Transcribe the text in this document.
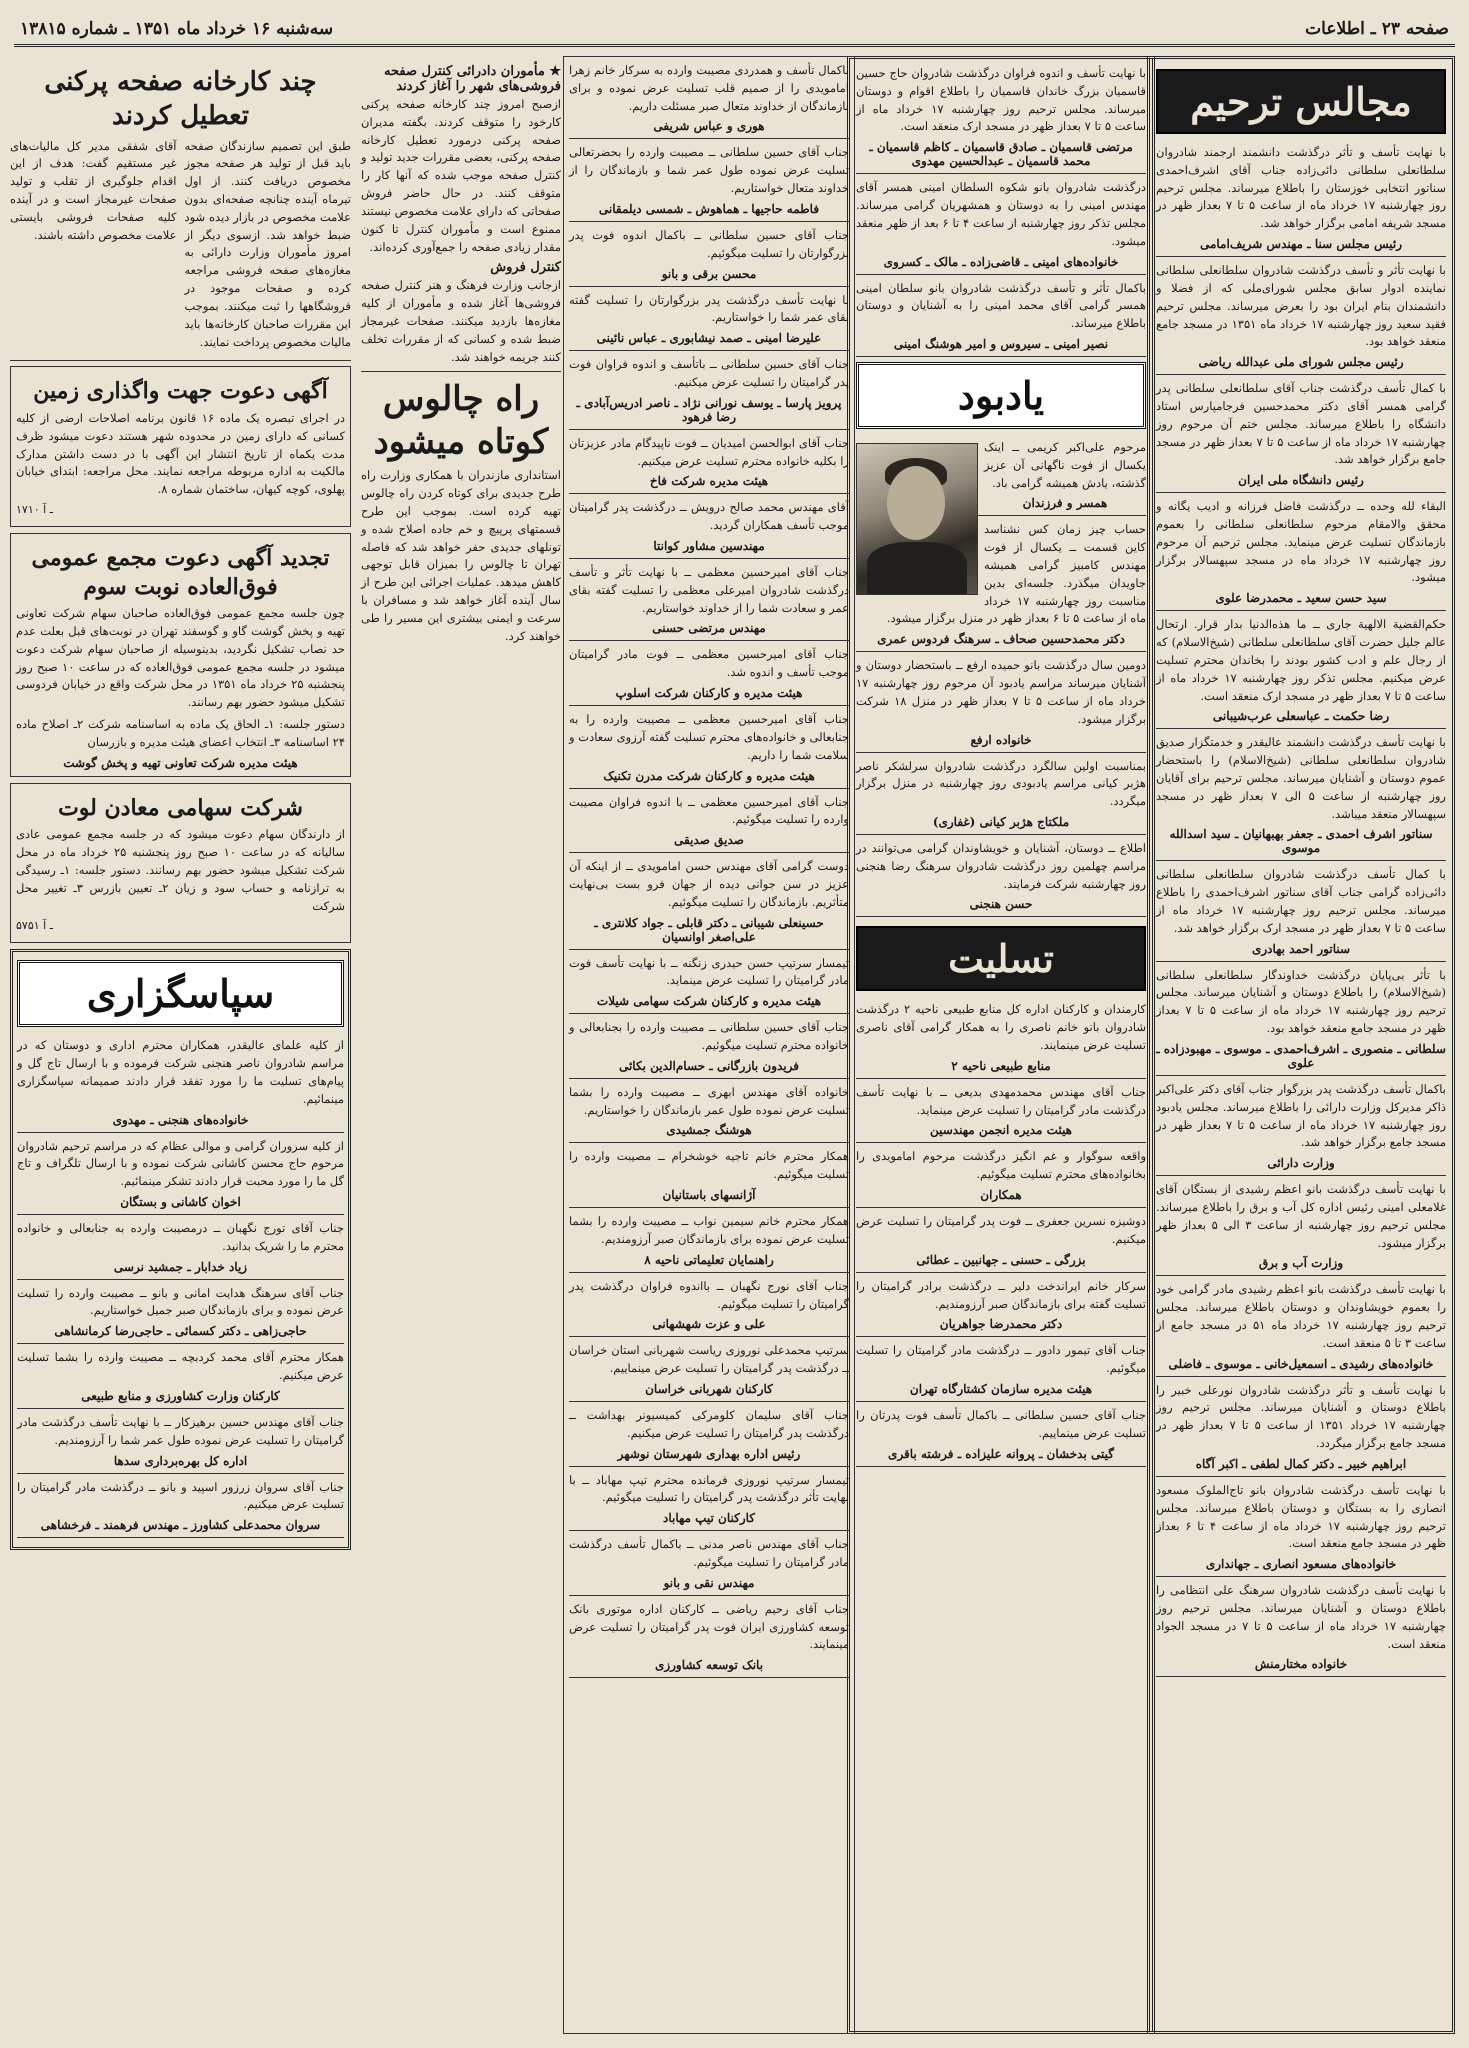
صفحه ۲۳ ـ اطلاعات
سه‌شنبه ۱۶ خرداد ماه ۱۳۵۱ ـ شماره ۱۳۸۱۵
مجالس ترحیم

با نهایت تأسف و تأثر درگذشت دانشمند ارجمند شادروان سلطانعلی سلطانی دائی‌زاده جناب آقای اشرف‌احمدی سناتور انتخابی خوزستان را باطلاع میرساند. مجلس ترحیم روز چهارشنبه ۱۷ خرداد ماه از ساعت ۵ تا ۷ بعداز ظهر در مسجد شریفه امامی برگزار خواهد شد.

رئیس مجلس سنا ـ مهندس شریف‌امامی

با نهایت تأثر و تأسف درگذشت شادروان سلطانعلی سلطانی نماینده ادوار سابق مجلس شورای‌ملی که از فضلا و دانشمندان بنام ایران بود را بعرض میرساند. مجلس ترحیم فقید سعید روز چهارشنبه ۱۷ خرداد ماه ۱۳۵۱ در مسجد جامع منعقد خواهد بود.

رئیس مجلس شورای ملی عبدالله ریاضی

با کمال تأسف درگذشت جناب آقای سلطانعلی سلطانی پدر گرامی همسر آقای دکتر محمدحسین فرجامپارس استاد دانشگاه را باطلاع میرساند. مجلس ختم آن مرحوم روز چهارشنبه ۱۷ خرداد ماه از ساعت ۵ تا ۷ بعداز ظهر در مسجد جامع برگزار خواهد شد.

رئیس دانشگاه ملی ایران

البقاء لله وحده ــ درگذشت فاضل فرزانه و ادیب یگانه و محقق والامقام مرحوم سلطانعلی سلطانی را بعموم بازماندگان تسلیت عرض مینماید. مجلس ترحیم آن مرحوم روز چهارشنبه ۱۷ خرداد ماه در مسجد سپهسالار برگزار میشود.

سید حسن سعید ـ محمدرضا علوی

حکم‌القضیة الالهیة جاری ــ ما هذه‌الدنیا بدار قرار. ارتحال عالم جلیل حضرت آقای سلطانعلی سلطانی (شیخ‌الاسلام) که از رجال علم و ادب کشور بودند را بخاندان محترم تسلیت عرض میکنیم. مجلس تذکر روز چهارشنبه ۱۷ خرداد ماه از ساعت ۵ تا ۷ بعداز ظهر در مسجد ارک منعقد است.

رضا حکمت ـ عباسعلی عرب‌شیبانی

با نهایت تأسف درگذشت دانشمند عالیقدر و خدمتگزار صدیق شادروان سلطانعلی سلطانی (شیخ‌الاسلام) را باستحضار عموم دوستان و آشنایان میرساند. مجلس ترحیم برای آقایان روز چهارشنبه از ساعت ۵ الی ۷ بعداز ظهر در مسجد سپهسالار منعقد میباشد.

سناتور اشرف احمدی ـ جعفر بهبهانیان ـ سید اسدالله موسوی

با کمال تأسف درگذشت شادروان سلطانعلی سلطانی دائی‌زاده گرامی جناب آقای سناتور اشرف‌احمدی را باطلاع میرساند. مجلس ترحیم روز چهارشنبه ۱۷ خرداد ماه از ساعت ۵ تا ۷ بعداز ظهر در مسجد ارک برگزار خواهد شد.

سناتور احمد بهادری

با تأثر بی‌پایان درگذشت خداوندگار سلطانعلی سلطانی (شیخ‌الاسلام) را باطلاع دوستان و آشنایان میرساند. مجلس ترحیم روز چهارشنبه ۱۷ خرداد ماه از ساعت ۵ تا ۷ بعداز ظهر در مسجد جامع منعقد خواهد بود.

سلطانی ـ منصوری ـ اشرف‌احمدی ـ موسوی ـ مهبودزاده ـ علوی

باکمال تأسف درگذشت پدر بزرگوار جناب آقای دکتر علی‌اکبر ذاکر مدیرکل وزارت دارائی را باطلاع میرساند. مجلس یادبود روز چهارشنبه ۱۷ خرداد ماه از ساعت ۵ تا ۷ بعداز ظهر در مسجد جامع برگزار خواهد شد.

وزارت دارائی

با نهایت تأسف درگذشت بانو اعظم رشیدی از بستگان آقای غلامعلی امینی رئیس اداره کل آب و برق را باطلاع میرساند. مجلس ترحیم روز چهارشنبه از ساعت ۳ الی ۵ بعداز ظهر برگزار میشود.

وزارت آب و برق

با نهایت تأسف درگذشت بانو اعظم رشیدی مادر گرامی خود را بعموم خویشاوندان و دوستان باطلاع میرساند. مجلس ترحیم روز چهارشنبه ۱۷ خرداد ماه ۵۱ در مسجد جامع از ساعت ۳ تا ۵ منعقد است.

خانواده‌های رشیدی ـ اسمعیل‌خانی ـ موسوی ـ فاضلی

با نهایت تأسف و تأثر درگذشت شادروان نورعلی خبیر را باطلاع دوستان و آشنایان میرساند. مجلس ترحیم روز چهارشنبه ۱۷ خرداد ۱۳۵۱ از ساعت ۵ تا ۷ بعداز ظهر در مسجد جامع برگزار میگردد.

ابراهیم خبیر ـ دکتر کمال لطفی ـ اکبر آگاه

با نهایت تأسف درگذشت شادروان بانو تاج‌الملوک مسعود انصاری را به بستگان و دوستان باطلاع میرساند. مجلس ترحیم روز چهارشنبه ۱۷ خرداد ماه از ساعت ۴ تا ۶ بعداز ظهر در مسجد جامع منعقد است.

خانواده‌های مسعود انصاری ـ جهانداری

با نهایت تأسف درگذشت شادروان سرهنگ علی انتظامی را باطلاع دوستان و آشنایان میرساند. مجلس ترحیم روز چهارشنبه ۱۷ خرداد ماه از ساعت ۵ تا ۷ در مسجد الجواد منعقد است.

خانواده مختارمنش

با نهایت تأسف و اندوه فراوان درگذشت شادروان حاج حسین قاسمیان بزرگ خاندان قاسمیان را باطلاع اقوام و دوستان میرساند. مجلس ترحیم روز چهارشنبه ۱۷ خرداد ماه از ساعت ۵ تا ۷ بعداز ظهر در مسجد ارک منعقد است.

مرتضی قاسمیان ـ صادق قاسمیان ـ کاظم قاسمیان ـ محمد قاسمیان ـ عبدالحسین مهدوی

درگذشت شادروان بانو شکوه السلطان امینی همسر آقای مهندس امینی را به دوستان و همشهریان گرامی میرساند. مجلس تذکر روز چهارشنبه از ساعت ۴ تا ۶ بعد از ظهر منعقد میشود.

خانواده‌های امینی ـ قاضی‌زاده ـ مالک ـ کسروی

باکمال تأثر و تأسف درگذشت شادروان بانو سلطان امینی همسر گرامی آقای محمد امینی را به آشنایان و دوستان باطلاع میرساند.

نصیر امینی ـ سیروس و امیر هوشنگ امینی
یادبود

مرحوم علی‌اکبر کریمی ــ اینک یکسال از فوت ناگهانی آن عزیز گذشته، یادش همیشه گرامی باد.

همسر و فرزندان

حساب چیز زمان کس نشناسد کاین قسمت ــ یکسال از فوت مهندس کامبیز گرامی همیشه جاویدان میگذرد. جلسه‌ای بدین مناسبت روز چهارشنبه ۱۷ خرداد ماه از ساعت ۵ تا ۶ بعداز ظهر در منزل برگزار میشود.

دکتر محمدحسین صحاف ـ سرهنگ فردوس عمری

دومین سال درگذشت بانو حمیده ارفع ــ باستحضار دوستان و آشنایان میرساند مراسم یادبود آن مرحوم روز چهارشنبه ۱۷ خرداد ماه از ساعت ۵ تا ۷ بعداز ظهر در منزل ۱۸ شرکت برگزار میشود.

خانواده ارفع

بمناسبت اولین سالگرد درگذشت شادروان سرلشکر ناصر هژبر کیانی مراسم یادبودی روز چهارشنبه در منزل برگزار میگردد.

ملکتاج هژبر کیانی (غفاری)

اطلاع ــ دوستان، آشنایان و خویشاوندان گرامی می‌توانند در مراسم چهلمین روز درگذشت شادروان سرهنگ رضا هنجنی روز چهارشنبه شرکت فرمایند.

حسن هنجنی
تسلیت

کارمندان و کارکنان اداره کل منابع طبیعی ناحیه ۲ درگذشت شادروان بانو خانم ناصری را به همکار گرامی آقای ناصری تسلیت عرض مینمایند.

منابع طبیعی ناحیه ۲

جناب آقای مهندس محمدمهدی بدیعی ــ با نهایت تأسف درگذشت مادر گرامیتان را تسلیت عرض مینماید.

هیئت مدیره انجمن مهندسین

واقعه سوگوار و غم انگیز درگذشت مرحوم امامویدی را بخانواده‌های محترم تسلیت میگوئیم.

همکاران

دوشیزه نسرین جعفری ــ فوت پدر گرامیتان را تسلیت عرض میکنیم.

بزرگی ـ حسنی ـ جهانبین ـ عطائی

سرکار خانم ایراندخت دلیر ــ درگذشت برادر گرامیتان را تسلیت گفته برای بازماندگان صبر آرزومندیم.

دکتر محمدرضا جواهریان

جناب آقای تیمور دادور ــ درگذشت مادر گرامیتان را تسلیت میگوئیم.

هیئت مدیره سازمان کشتارگاه تهران

جناب آقای حسین سلطانی ــ باکمال تأسف فوت پدرتان را تسلیت عرض مینماییم.

گیتی بدخشان ـ پروانه علیزاده ـ فرشته باقری

باکمال تأسف و همدردی مصیبت وارده به سرکار خانم زهرا امامویدی را از صمیم قلب تسلیت عرض نموده و برای بازماندگان از خداوند متعال صبر مسئلت داریم.

هوری و عباس شریفی

جناب آقای حسین سلطانی ــ مصیبت وارده را بحضرتعالی تسلیت عرض نموده طول عمر شما و بازماندگان را از خداوند متعال خواستاریم.

فاطمه حاجیها ـ هماهوش ـ شمسی دیلمقانی

جناب آقای حسین سلطانی ــ باکمال اندوه فوت پدر بزرگوارتان را تسلیت میگوئیم.

محسن برقی و بانو

با نهایت تأسف درگذشت پدر بزرگوارتان را تسلیت گفته بقای عمر شما را خواستاریم.

علیرضا امینی ـ صمد نیشابوری ـ عباس نائینی

جناب آقای حسین سلطانی ــ باتأسف و اندوه فراوان فوت پدر گرامیتان را تسلیت عرض میکنیم.

پرویز پارسا ـ یوسف نورانی نژاد ـ ناصر ادریس‌آبادی ـ رضا فرهود

جناب آقای ابوالحسن امیدیان ــ فوت ناپیدگام مادر عزیزتان را بکلیه خانواده محترم تسلیت عرض میکنیم.

هیئت مدیره شرکت فاخ

آقای مهندس محمد صالح درویش ــ درگذشت پدر گرامیتان موجب تأسف همکاران گردید.

مهندسین مشاور کوانتا

جناب آقای امیرحسین معظمی ــ با نهایت تأثر و تأسف درگذشت شادروان امیرعلی معظمی را تسلیت گفته بقای عمر و سعادت شما را از خداوند خواستاریم.

مهندس مرتضی حسنی

جناب آقای امیرحسین معظمی ــ فوت مادر گرامیتان موجب تأسف و اندوه شد.

هیئت مدیره و کارکنان شرکت اسلوپ

جناب آقای امیرحسین معظمی ــ مصیبت وارده را به جنابعالی و خانواده‌های محترم تسلیت گفته آرزوی سعادت و سلامت شما را داریم.

هیئت مدیره و کارکنان شرکت مدرن تکنیک

جناب آقای امیرحسین معظمی ــ با اندوه فراوان مصیبت وارده را تسلیت میگوئیم.

صدیق صدیقی

دوست گرامی آقای مهندس حسن امامویدی ــ از اینکه آن عزیز در سن جوانی دیده از جهان فرو بست بی‌نهایت متأثریم. بازماندگان را تسلیت میگوئیم.

حسینعلی شیبانی ـ دکتر قابلی ـ جواد کلانتری ـ علی‌اصغر اوانسیان

تیمسار سرتیپ حسن حیدری زنگنه ــ با نهایت تأسف فوت مادر گرامیتان را تسلیت عرض مینماید.

هیئت مدیره و کارکنان شرکت سهامی شیلات

جناب آقای حسین سلطانی ــ مصیبت وارده را بجنابعالی و خانواده محترم تسلیت میگوئیم.

فریدون بازرگانی ـ حسام‌الدین بکائی

خانواده آقای مهندس ابهری ــ مصیبت وارده را بشما تسلیت عرض نموده طول عمر بازماندگان را خواستاریم.

هوشنگ جمشیدی

همکار محترم خانم تاجیه خوشخرام ــ مصیبت وارده را تسلیت میگوئیم.

آژانسهای باستانیان

همکار محترم خانم سیمین نواب ــ مصیبت وارده را بشما تسلیت عرض نموده برای بازماندگان صبر آرزومندیم.

راهنمایان تعلیماتی ناحیه ۸

جناب آقای نورج نگهبان ــ بااندوه فراوان درگذشت پدر گرامیتان را تسلیت میگوئیم.

علی و عزت شهشهانی

سرتیپ محمدعلی نوروزی ریاست شهربانی استان خراسان ــ درگذشت پدر گرامیتان را تسلیت عرض مینماییم.

کارکنان شهربانی خراسان

جناب آقای سلیمان کلومرکی کمیسیونر بهداشت ــ درگذشت پدر گرامیتان را تسلیت عرض میکنیم.

رئیس اداره بهداری شهرستان نوشهر

تیمسار سرتیپ نوروزی فرمانده محترم تیپ مهاباد ــ با نهایت تأثر درگذشت پدر گرامیتان را تسلیت میگوئیم.

کارکنان تیپ مهاباد

جناب آقای مهندس ناصر مدنی ــ باکمال تأسف درگذشت مادر گرامیتان را تسلیت میگوئیم.

مهندس نقی و بانو

جناب آقای رحیم ریاضی ــ کارکنان اداره موتوری بانک توسعه کشاورزی ایران فوت پدر گرامیتان را تسلیت عرض مینمایند.

بانک توسعه کشاورزی
★ مأموران دادرائی کنترل صفحه فروشی‌های شهر را آغاز کردند

ازصبح امروز چند کارخانه صفحه پرکنی کارخود را متوقف کردند. بگفته مدیران صفحه پرکنی درمورد تعطیل کارخانه صفحه پرکنی، بعضی مقررات جدید تولید و کنترل صفحه موجب شده که آنها کار را متوقف کنند. در حال حاضر فروش صفحاتی که دارای علامت مخصوص نیستند ممنوع است و مأموران کنترل تا کنون مقدار زیادی صفحه را جمع‌آوری کرده‌اند.

کنترل فروش

ازجانب وزارت فرهنگ و هنر کنترل صفحه فروشی‌ها آغاز شده و مأموران از کلیه مغازه‌ها بازدید میکنند. صفحات غیرمجاز ضبط شده و کسانی که از مقررات تخلف کنند جریمه خواهند شد.

راه چالوس کوتاه میشود

استانداری مازندران با همکاری وزارت راه طرح جدیدی برای کوتاه کردن راه چالوس تهیه کرده است. بموجب این طرح قسمتهای پرپیچ و خم جاده اصلاح شده و تونلهای جدیدی حفر خواهد شد که فاصله تهران تا چالوس را بمیزان قابل توجهی کاهش میدهد. عملیات اجرائی این طرح از سال آینده آغاز خواهد شد و مسافران با سرعت و ایمنی بیشتری این مسیر را طی خواهند کرد.

چند کارخانه صفحه پرکنی تعطیل کردند

طبق این تصمیم سازندگان صفحه باید قبل از تولید هر صفحه مجوز مخصوص دریافت کنند. از اول تیرماه آینده چنانچه صفحه‌ای بدون علامت مخصوص در بازار دیده شود ضبط خواهد شد. ازسوی دیگر از امروز مأموران وزارت دارائی به مغازه‌های صفحه فروشی مراجعه کرده و صفحات موجود در فروشگاهها را ثبت میکنند. بموجب این مقررات صاحبان کارخانه‌ها باید مالیات مخصوص پرداخت نمایند.

آقای شفقی مدیر کل مالیات‌های غیر مستقیم گفت: هدف از این اقدام جلوگیری از تقلب و تولید صفحات غیرمجاز است و در آینده کلیه صفحات فروشی بایستی علامت مخصوص داشته باشند.

آگهی دعوت جهت واگذاری زمین

در اجرای تبصره یک ماده ۱۶ قانون برنامه اصلاحات ارضی از کلیه کسانی که دارای زمین در محدوده شهر هستند دعوت میشود ظرف مدت یکماه از تاریخ انتشار این آگهی با در دست داشتن مدارک مالکیت به اداره مربوطه مراجعه نمایند. محل مراجعه: ابتدای خیابان پهلوی، کوچه کیهان، ساختمان شماره ۸.

۱۷۱۰ ـ آ
تجدید آگهی دعوت مجمع عمومی فوق‌العاده نوبت سوم

چون جلسه مجمع عمومی فوق‌العاده صاحبان سهام شرکت تعاونی تهیه و پخش گوشت گاو و گوسفند تهران در نوبت‌های قبل بعلت عدم حد نصاب تشکیل نگردید، بدینوسیله از صاحبان سهام شرکت دعوت میشود در جلسه مجمع عمومی فوق‌العاده که در ساعت ۱۰ صبح روز پنجشنبه ۲۵ خرداد ماه ۱۳۵۱ در محل شرکت واقع در خیابان فردوسی تشکیل میشود حضور بهم رسانند.

دستور جلسه: ۱ـ الحاق یک ماده به اساسنامه شرکت ۲ـ اصلاح ماده ۲۴ اساسنامه ۳ـ انتخاب اعضای هیئت مدیره و بازرسان

هیئت مدیره شرکت تعاونی تهیه و پخش گوشت
شرکت سهامی معادن لوت

از دارندگان سهام دعوت میشود که در جلسه مجمع عمومی عادی سالیانه که در ساعت ۱۰ صبح روز پنجشنبه ۲۵ خرداد ماه در محل شرکت تشکیل میشود حضور بهم رسانند. دستور جلسه: ۱ـ رسیدگی به ترازنامه و حساب سود و زیان ۲ـ تعیین بازرس ۳ـ تغییر محل شرکت

۵۷۵۱ ـ آ
سپاسگزاری

از کلیه علمای عالیقدر، همکاران محترم اداری و دوستان که در مراسم شادروان ناصر هنجنی شرکت فرموده و با ارسال تاج گل و پیام‌های تسلیت ما را مورد تفقد قرار دادند صمیمانه سپاسگزاری مینمائیم.

خانواده‌های هنجنی ـ مهدوی

از کلیه سروران گرامی و موالی عظام که در مراسم ترحیم شادروان مرحوم حاج محسن کاشانی شرکت نموده و با ارسال تلگراف و تاج گل ما را مورد محبت قرار دادند تشکر مینمائیم.

اخوان کاشانی و بستگان

جناب آقای تورج نگهبان ــ درمصیبت وارده به جنابعالی و خانواده محترم ما را شریک بدانید.

زیاد خدابار ـ جمشید نرسی

جناب آقای سرهنگ هدایت امانی و بانو ــ مصیبت وارده را تسلیت عرض نموده و برای بازماندگان صبر جمیل خواستاریم.

حاجی‌زاهی ـ دکتر کسمائی ـ حاجی‌رضا کرمانشاهی

همکار محترم آقای محمد کردبچه ــ مصیبت وارده را بشما تسلیت عرض میکنیم.

کارکنان وزارت کشاورزی و منابع طبیعی

جناب آقای مهندس حسین برهیزکار ــ با نهایت تأسف درگذشت مادر گرامیتان را تسلیت عرض نموده طول عمر شما را آرزومندیم.

اداره کل بهره‌برداری سدها

جناب آقای سروان زرزور اسپید و بانو ــ درگذشت مادر گرامیتان را تسلیت عرض میکنیم.

سروان محمدعلی کشاورز ـ مهندس فرهمند ـ فرخشاهی
